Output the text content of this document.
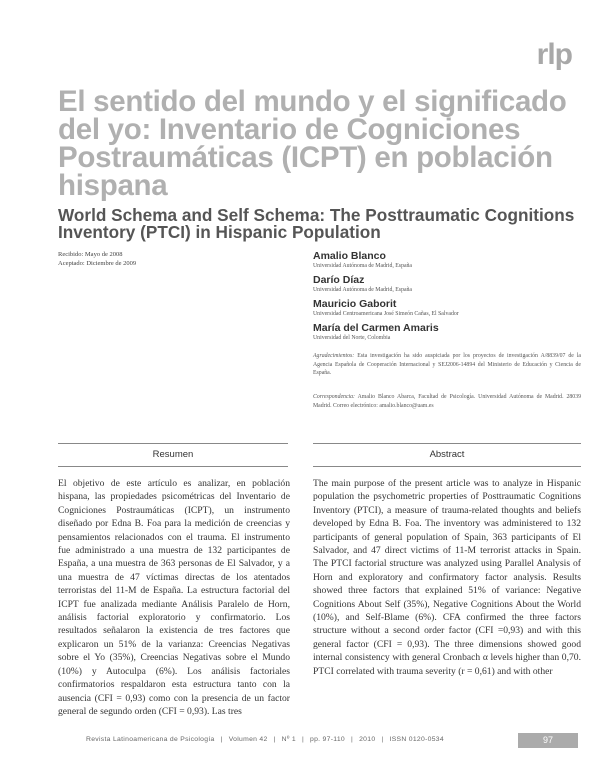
rlp
El sentido del mundo y el significado del yo: Inventario de Cogniciones Postraumáticas (ICPT) en población hispana
World Schema and Self Schema: The Posttraumatic Cognitions Inventory (PTCI) in Hispanic Population
Recibido: Mayo de 2008
Aceptado: Diciembre de 2009
Amalio Blanco
Universidad Autónoma de Madrid, España
Darío Díaz
Universidad Autónoma de Madrid, España
Mauricio Gaborit
Universidad Centroamericana José Simeón Cañas, El Salvador
María del Carmen Amaris
Universidad del Norte, Colombia

Agradecimientos: Esta investigación ha sido auspiciada por los proyectos de investigación A/8839/07 de la Agencia Española de Cooperación Internacional y SEJ2006-14894 del Ministerio de Educación y Ciencia de España.

Correspondencia: Amalio Blanco Abarca, Facultad de Psicología. Universidad Autónoma de Madrid. 28039 Madrid. Correo electrónico: amalio.blanco@uam.es

Resumen	Abstract

El objetivo de este artículo es analizar, en población hispana, las propiedades psicométricas del Inventario de Cogniciones Postraumáticas (ICPT), un instrumento diseñado por Edna B. Foa para la medición de creencias y pensamientos relacionados con el trauma. El instrumento fue administrado a una muestra de 132 participantes de España, a una muestra de 363 personas de El Salvador, y a una muestra de 47 víctimas directas de los atentados terroristas del 11-M de España. La estructura factorial del ICPT fue analizada mediante Análisis Paralelo de Horn, análisis factorial exploratorio y confirmatorio. Los resultados señalaron la existencia de tres factores que explicaron un 51% de la varianza: Creencias Negativas sobre el Yo (35%), Creencias Negativas sobre el Mundo (10%) y Autoculpa (6%). Los análisis factoriales confirmatorios respaldaron esta estructura tanto con la ausencia (CFI = 0,93) como con la presencia de un factor general de segundo orden (CFI = 0,93). Las tres

The main purpose of the present article was to analyze in Hispanic population the psychometric properties of Posttraumatic Cognitions Inventory (PTCI), a measure of trauma-related thoughts and beliefs developed by Edna B. Foa. The inventory was administered to 132 participants of general population of Spain, 363 participants of El Salvador, and 47 direct victims of 11-M terrorist attacks in Spain. The PTCI factorial structure was analyzed using Parallel Analysis of Horn and exploratory and confirmatory factor analysis. Results showed three factors that explained 51% of variance: Negative Cognitions About Self (35%), Negative Cognitions About the World (10%), and Self-Blame (6%). CFA confirmed the three factors structure without a second order factor (CFI =0,93) and with this general factor (CFI = 0,93). The three dimensions showed good internal consistency with general Cronbach α levels higher than 0,70. PTCI correlated with trauma severity (r = 0,61) and with other

Revista Latinoamericana de Psicología | Volumen 42 | Nº 1 | pp. 97-110 | 2010 | ISSN 0120-0534	97
